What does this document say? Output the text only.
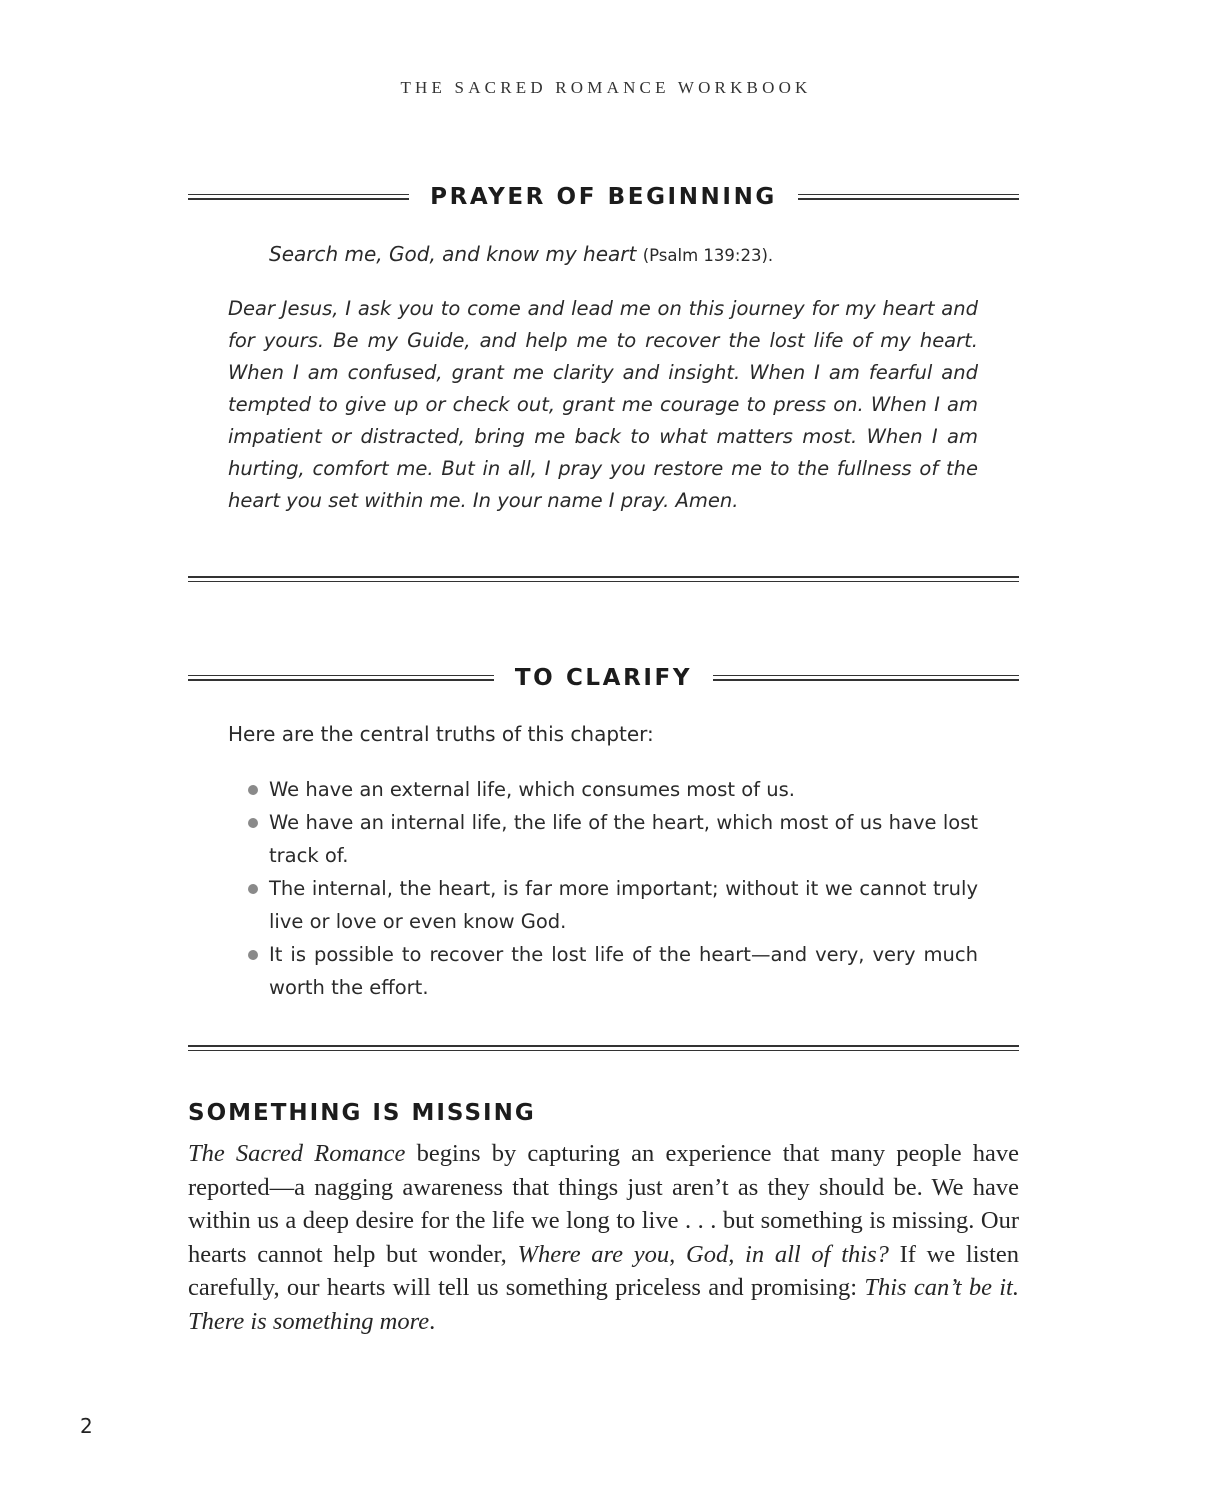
THE SACRED ROMANCE WORKBOOK
PRAYER OF BEGINNING
Search me, God, and know my heart (Psalm 139:23).

Dear Jesus, I ask you to come and lead me on this journey for my heart and for yours. Be my Guide, and help me to recover the lost life of my heart. When I am confused, grant me clarity and insight. When I am fearful and tempted to give up or check out, grant me courage to press on. When I am impatient or distracted, bring me back to what matters most. When I am hurting, comfort me. But in all, I pray you restore me to the fullness of the heart you set within me. In your name I pray. Amen.

TO CLARIFY
Here are the central truths of this chapter:
We have an external life, which consumes most of us.
We have an internal life, the life of the heart, which most of us have lost track of.
The internal, the heart, is far more important; without it we cannot truly live or love or even know God.
It is possible to recover the lost life of the heart—and very, very much worth the effort.
SOMETHING IS MISSING

The Sacred Romance begins by capturing an experience that many people have reported—a nagging awareness that things just aren’t as they should be. We have within us a deep desire for the life we long to live . . . but something is missing. Our hearts cannot help but wonder, Where are you, God, in all of this? If we listen carefully, our hearts will tell us something priceless and promising: This can’t be it. There is something more.

2
